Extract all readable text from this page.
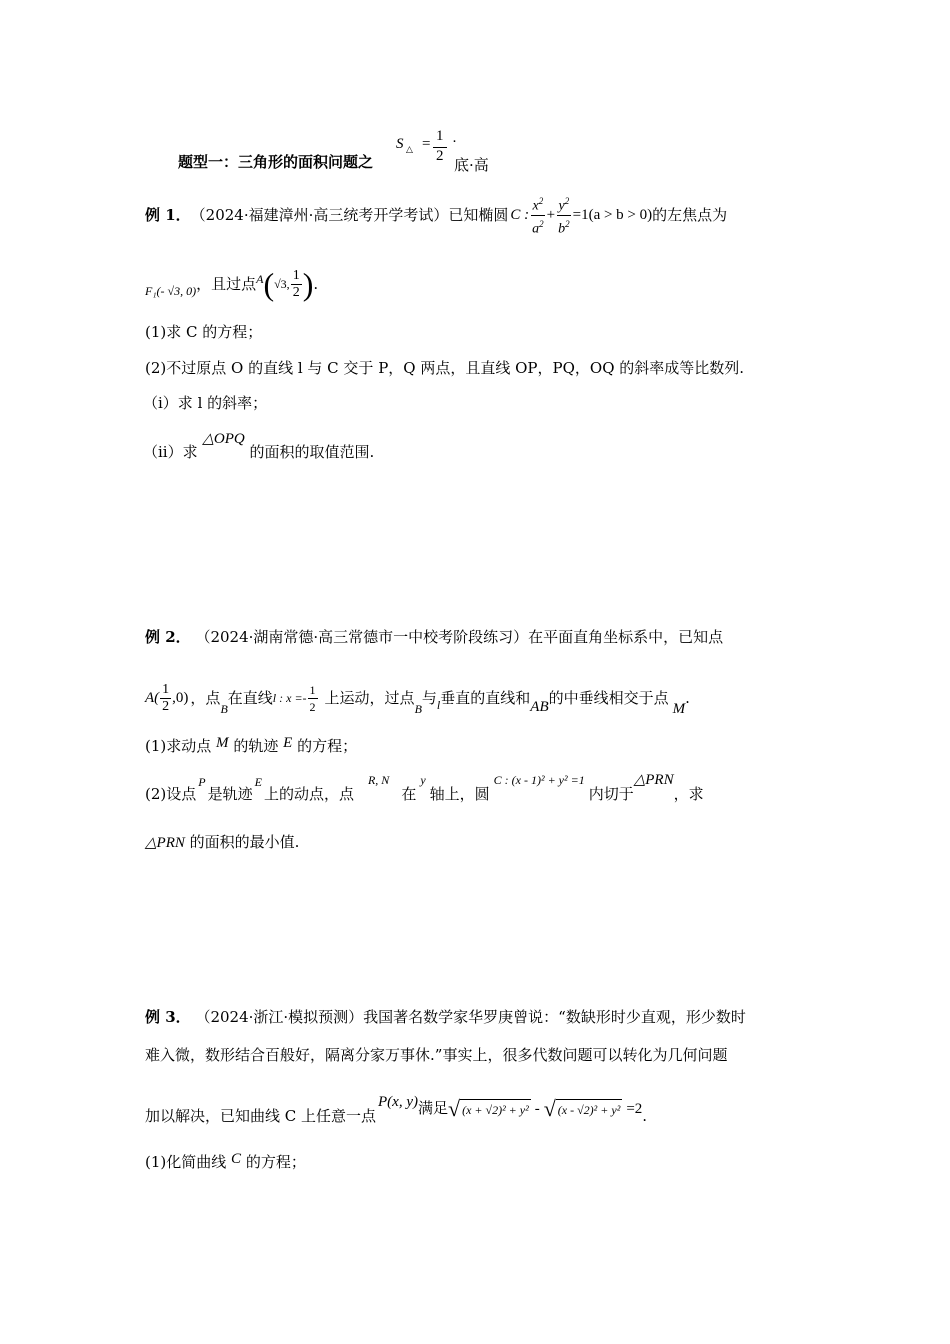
题型一：三角形的面积问题之
S △ = 1
2
·
底·高
例 1． （2024·福建漳州·高三统考开学考试）已知椭圆 C : $\frac{x^2}{a^2} + \frac{y^2}{b^2} =1(a > b > 0)$ 的左焦点为
F₁(- √3, 0) ，且过点 A ( √3, $\frac{1}{2}$ ) .
(1)求 C 的方程；
(2)不过原点 O 的直线 l 与 C 交于 P，Q 两点，且直线 OP，PQ，OQ 的斜率成等比数列.
（i）求 l 的斜率；
（ii）求 △OPQ 的面积的取值范围.
例 2． （2024·湖南常德·高三常德市一中校考阶段练习）在平面直角坐标系中，已知点
$A( \frac{1}{2} ,0)$ ，点
B
在直线 l : $x =- \frac{1}{2}$ 上运动，过点
B
与 l 垂直的直线和 AB 的中垂线相交于点
M
.
(1)求动点 M 的轨迹 E 的方程；
(2)设点
P
是轨迹
E
上的动点，点
R, N
在
y
轴上，圆
C : (x - 1)² + y² =1
内切于
△PRN
，求
△PRN 的面积的最小值.
例 3． （2024·浙江·模拟预测）我国著名数学家华罗庚曾说：“数缺形时少直观，形少数时
难入微，数形结合百般好，隔离分家万事休.”事实上，很多代数问题可以转化为几何问题
加以解决，已知曲线 C 上任意一点
P(x, y) 满足 √ (x + √2)² + y² - √ (x - √2)² + y² =2 .
(1)化简曲线 C 的方程；
